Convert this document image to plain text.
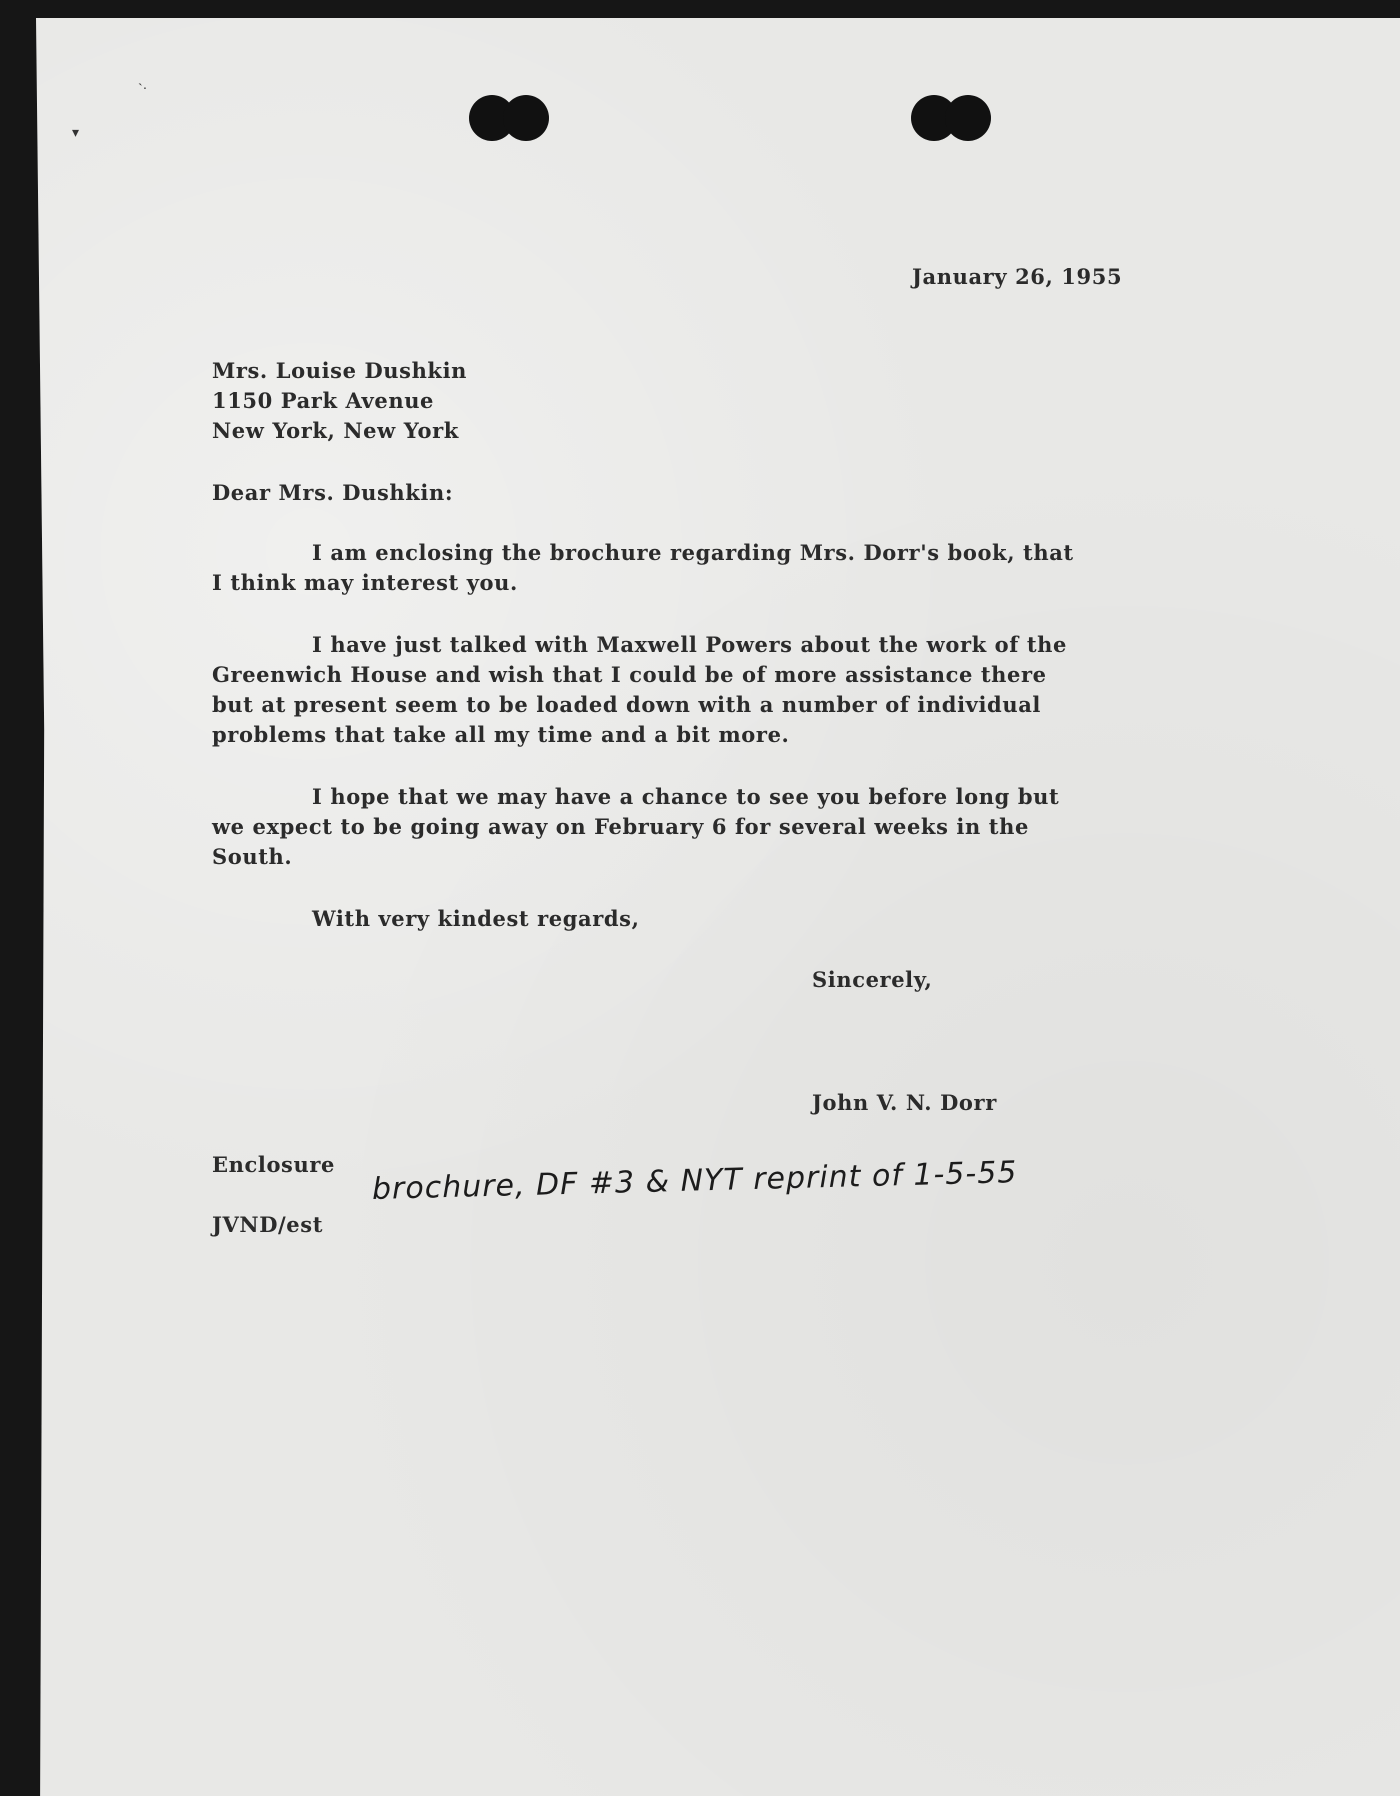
`·
▾

January 26, 1955

Mrs. Louise Dushkin
1150 Park Avenue
New York, New York

Dear Mrs. Dushkin:

I am enclosing the brochure regarding Mrs. Dorr's book, that
I think may interest you.
I have just talked with Maxwell Powers about the work of the
Greenwich House and wish that I could be of more assistance there
but at present seem to be loaded down with a number of individual
problems that take all my time and a bit more.
I hope that we may have a chance to see you before long but
we expect to be going away on February 6 for several weeks in the
South.

With very kindest regards,

Sincerely,

John V. N. Dorr

Enclosure brochure, DF #3 & NYT reprint of 1-5-55

JVND/est
